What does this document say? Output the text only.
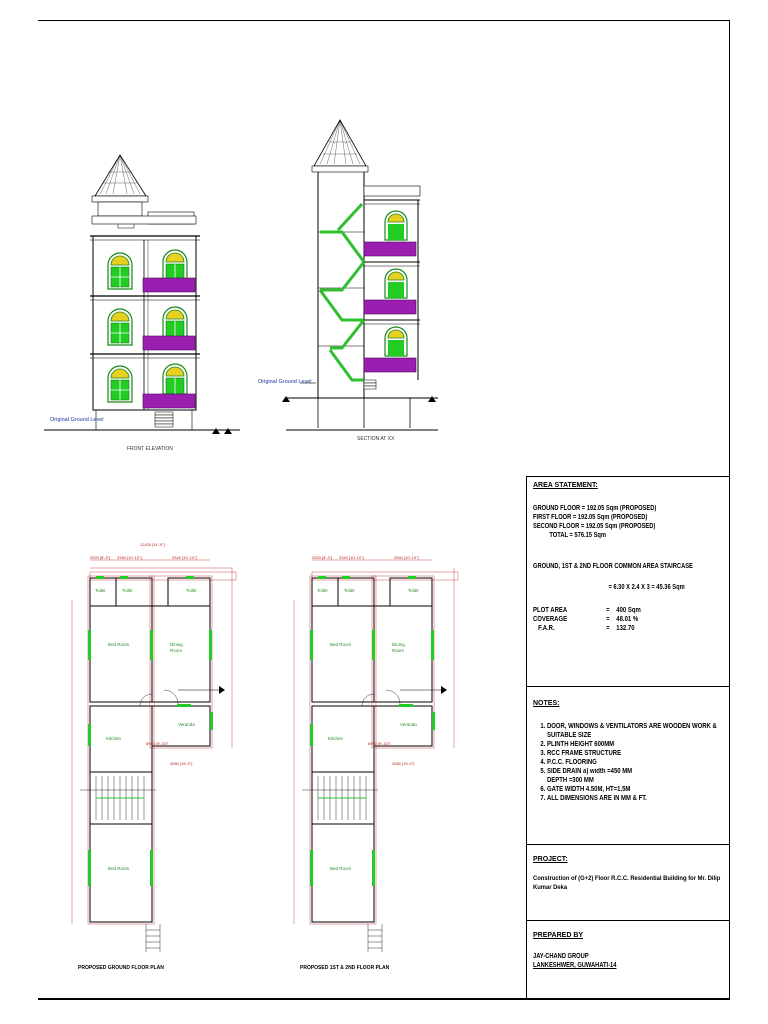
Original Ground Level
FRONT ELEVATION
Original Ground Level
SECTION AT XX
12425 [41'-0"]
2520 [8'-3"] 3340 [10'-10"]	3340 [10'-10"]
6900 [9'-10"]
4580 [15'-0"]
Toilet	Toilet	Toilet
Bed Room	Dining Room
Kitchen
Veranda
Bed Room
PROPOSED GROUND FLOOR PLAN
2520 [8'-3"] 3340 [10'-10"]	3340 [10'-10"]
6900 [9'-10"]
4580 [15'-0"]
Toilet	Toilet	Toilet
Bed Room	Dining Room
Kitchen
Veranda
Bed Room
PROPOSED 1ST & 2ND FLOOR PLAN
AREA STATEMENT:
GROUND FLOOR = 192.05 Sqm (PROPOSED)
FIRST FLOOR = 192.05 Sqm (PROPOSED)
SECOND FLOOR = 192.05 Sqm (PROPOSED)
TOTAL = 576.15 Sqm
GROUND, 1ST & 2ND FLOOR COMMON AREA STAIRCASE
= 6.30 X 2.4 X 3 = 45.36 Sqm
PLOT AREA	= 400 Sqm
COVERAGE	= 48.01 %
F.A.R.	= 132.70
NOTES:
1. DOOR, WINDOWS & VENTILATORS ARE WOODEN WORK &
SUITABLE SIZE
2. PLINTH HEIGHT 600MM
3. RCC FRAME STRUCTURE
4. P.C.C. FLOORING
5. SIDE DRAIN a) width =450 MM
DEPTH =300 MM
6. GATE WIDTH 4.50M, HT=1.5M
7. ALL DIMENSIONS ARE IN MM & FT.
PROJECT:
Construction of (G+2) Floor R.C.C. Residential Building for Mr. Dilip Kumar Deka
PREPARED BY
JAY-CHAND GROUP
LANKESHWER, GUWAHATI-14
